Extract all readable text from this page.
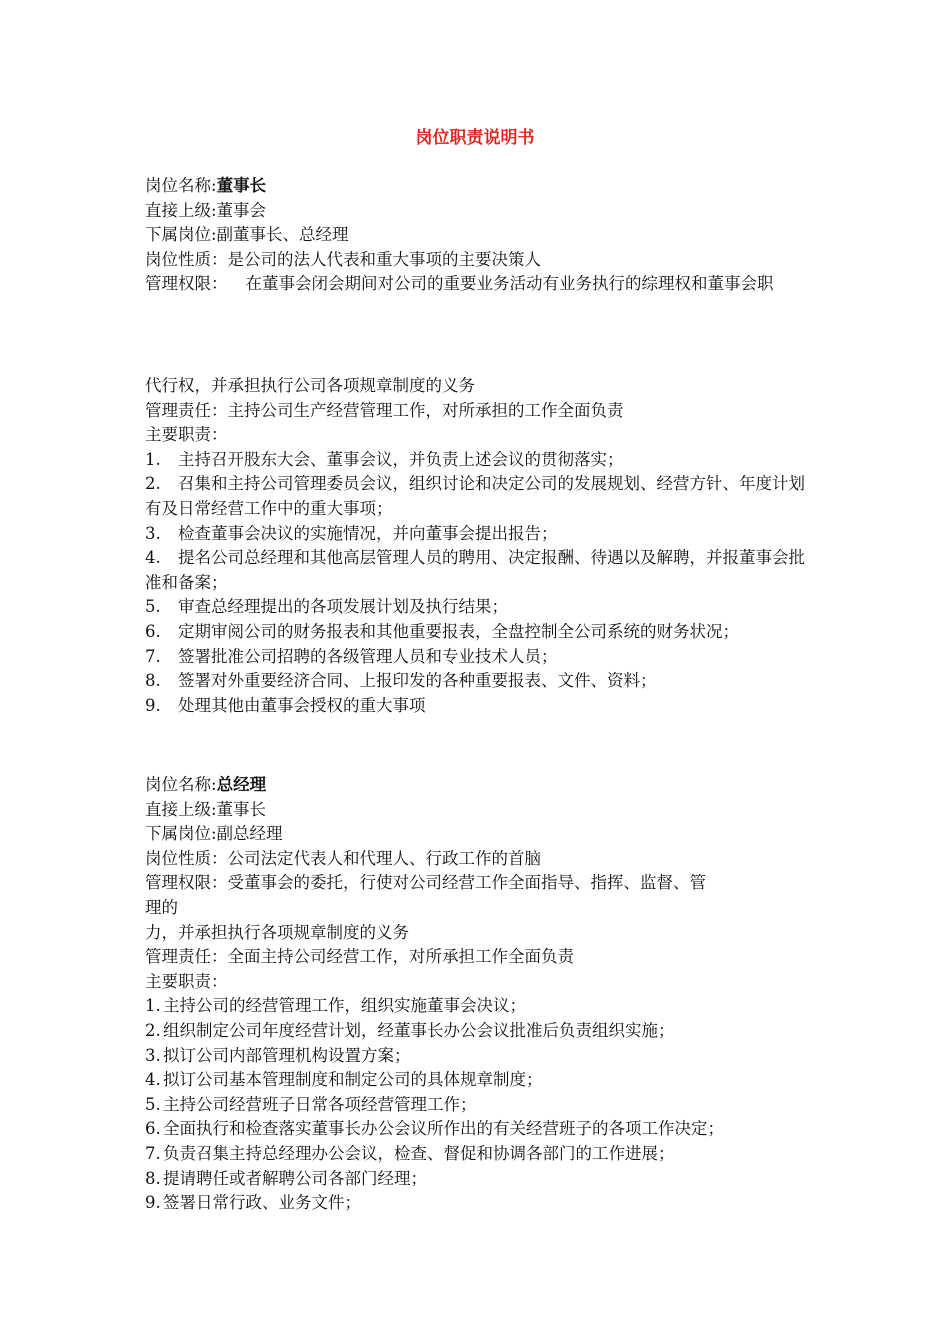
岗位职责说明书
岗位名称:董事长
直接上级:董事会
下属岗位:副董事长、总经理
岗位性质：是公司的法人代表和重大事项的主要决策人
管理权限： 在董事会闭会期间对公司的重要业务活动有业务执行的综理权和董事会职
代行权，并承担执行公司各项规章制度的义务
管理责任：主持公司生产经营管理工作，对所承担的工作全面负责
主要职责：
1. 主持召开股东大会、董事会议，并负责上述会议的贯彻落实；
2. 召集和主持公司管理委员会议，组织讨论和决定公司的发展规划、经营方针、年度计划有及日常经营工作中的重大事项；
3. 检查董事会决议的实施情况，并向董事会提出报告；
4. 提名公司总经理和其他高层管理人员的聘用、决定报酬、待遇以及解聘，并报董事会批准和备案；
5. 审查总经理提出的各项发展计划及执行结果；
6. 定期审阅公司的财务报表和其他重要报表，全盘控制全公司系统的财务状况；
7. 签署批准公司招聘的各级管理人员和专业技术人员；
8. 签署对外重要经济合同、上报印发的各种重要报表、文件、资料；
9. 处理其他由董事会授权的重大事项
岗位名称:总经理
直接上级:董事长
下属岗位:副总经理
岗位性质：公司法定代表人和代理人、行政工作的首脑
管理权限：受董事会的委托，行使对公司经营工作全面指导、指挥、监督、管
理的
力，并承担执行各项规章制度的义务
管理责任：全面主持公司经营工作，对所承担工作全面负责
主要职责：
1. 主持公司的经营管理工作，组织实施董事会决议；
2. 组织制定公司年度经营计划，经董事长办公会议批准后负责组织实施；
3. 拟订公司内部管理机构设置方案；
4. 拟订公司基本管理制度和制定公司的具体规章制度；
5. 主持公司经营班子日常各项经营管理工作；
6. 全面执行和检查落实董事长办公会议所作出的有关经营班子的各项工作决定；
7. 负责召集主持总经理办公会议，检查、督促和协调各部门的工作进展；
8. 提请聘任或者解聘公司各部门经理；
9. 签署日常行政、业务文件；
